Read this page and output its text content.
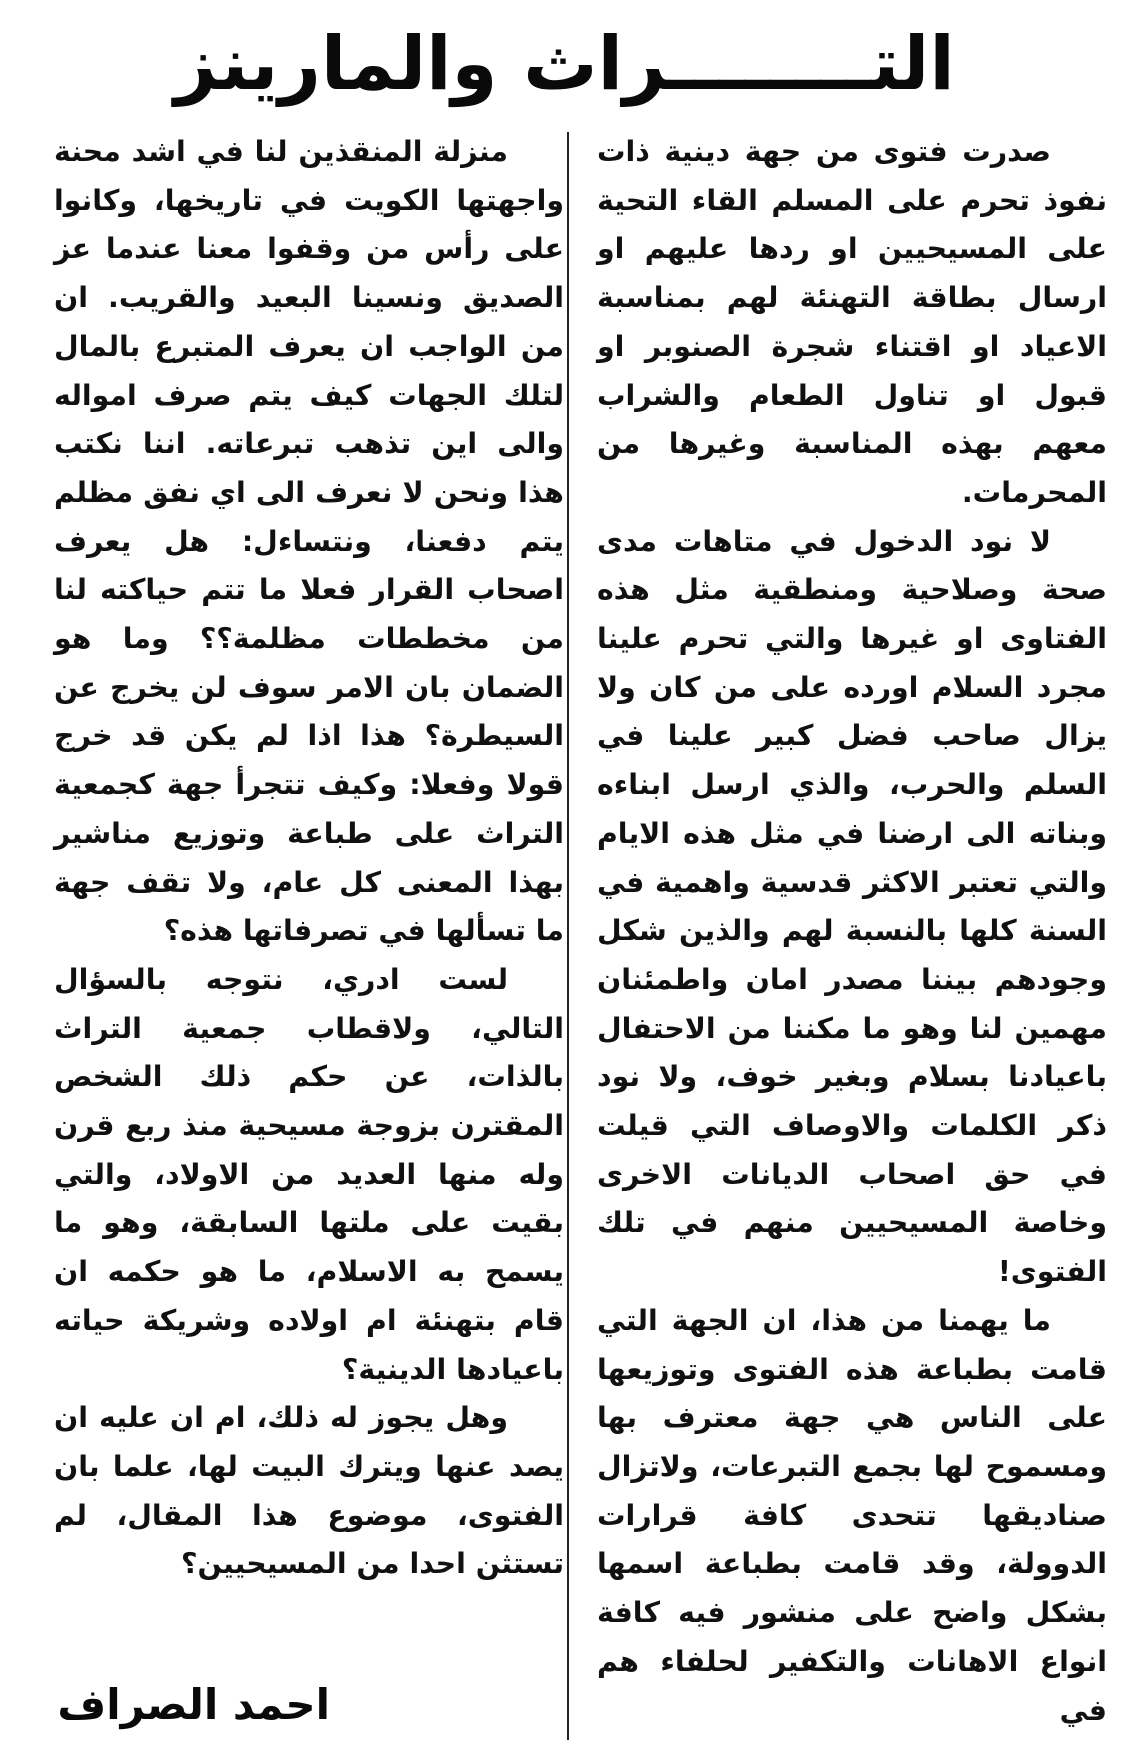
التــــــــراث والمارينز

صدرت فتوى من جهة دينية ذات نفوذ تحرم على المسلم القاء التحية على المسيحيين او ردها عليهم او ارسال بطاقة التهنئة لهم بمناسبة الاعياد او اقتناء شجرة الصنوبر او قبول او تناول الطعام والشراب معهم بهذه المناسبة وغيرها من المحرمات.

لا نود الدخول في متاهات مدى صحة وصلاحية ومنطقية مثل هذه الفتاوى او غيرها والتي تحرم علينا مجرد السلام اورده على من كان ولا يزال صاحب فضل كبير علينا في السلم والحرب، والذي ارسل ابناءه وبناته الى ارضنا في مثل هذه الايام والتي تعتبر الاكثر قدسية واهمية في السنة كلها بالنسبة لهم والذين شكل وجودهم بيننا مصدر امان واطمئنان مهمين لنا وهو ما مكننا من الاحتفال باعيادنا بسلام وبغير خوف، ولا نود ذكر الكلمات والاوصاف التي قيلت في حق اصحاب الديانات الاخرى وخاصة المسيحيين منهم في تلك الفتوى!

ما يهمنا من هذا، ان الجهة التي قامت بطباعة هذه الفتوى وتوزيعها على الناس هي جهة معترف بها ومسموح لها بجمع التبرعات، ولاتزال صناديقها تتحدى كافة قرارات الدوولة، وقد قامت بطباعة اسمها بشكل واضح على منشور فيه كافة انواع الاهانات والتكفير لحلفاء هم في

منزلة المنقذين لنا في اشد محنة واجهتها الكويت في تاريخها، وكانوا على رأس من وقفوا معنا عندما عز الصديق ونسينا البعيد والقريب. ان من الواجب ان يعرف المتبرع بالمال لتلك الجهات كيف يتم صرف امواله والى اين تذهب تبرعاته. اننا نكتب هذا ونحن لا نعرف الى اي نفق مظلم يتم دفعنا، ونتساءل: هل يعرف اصحاب القرار فعلا ما تتم حياكته لنا من مخططات مظلمة؟؟ وما هو الضمان بان الامر سوف لن يخرج عن السيطرة؟ هذا اذا لم يكن قد خرج قولا وفعلا: وكيف تتجرأ جهة كجمعية التراث على طباعة وتوزيع مناشير بهذا المعنى كل عام، ولا تقف جهة ما تسألها في تصرفاتها هذه؟

لست ادري، نتوجه بالسؤال التالي، ولاقطاب جمعية التراث بالذات، عن حكم ذلك الشخص المقترن بزوجة مسيحية منذ ربع قرن وله منها العديد من الاولاد، والتي بقيت على ملتها السابقة، وهو ما يسمح به الاسلام، ما هو حكمه ان قام بتهنئة ام اولاده وشريكة حياته باعيادها الدينية؟

وهل يجوز له ذلك، ام ان عليه ان يصد عنها ويترك البيت لها، علما بان الفتوى، موضوع هذا المقال، لم تستثن احدا من المسيحيين؟

احمد الصراف
